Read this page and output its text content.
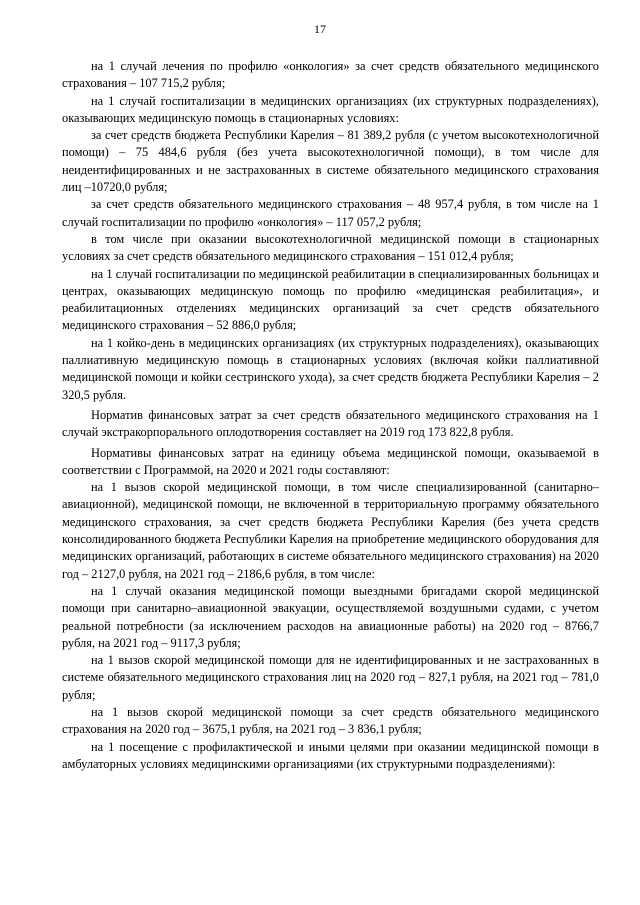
17

на 1 случай лечения по профилю «онкология» за счет средств обязательного медицинского страхования – 107 715,2 рубля;

на 1 случай госпитализации в медицинских организациях (их структурных подразделениях), оказывающих медицинскую помощь в стационарных условиях:

за счет средств бюджета Республики Карелия – 81 389,2 рубля (с учетом высокотехнологичной помощи) – 75 484,6 рубля (без учета высокотехнологичной помощи), в том числе для неидентифицированных и не застрахованных в системе обязательного медицинского страхования лиц –10720,0 рубля;

за счет средств обязательного медицинского страхования – 48 957,4 рубля, в том числе на 1 случай госпитализации по профилю «онкология» – 117 057,2 рубля;

в том числе при оказании высокотехнологичной медицинской помощи в стационарных условиях за счет средств обязательного медицинского страхования – 151 012,4 рубля;

на 1 случай госпитализации по медицинской реабилитации в специализированных больницах и центрах, оказывающих медицинскую помощь по профилю «медицинская реабилитация», и реабилитационных отделениях медицинских организаций за счет средств обязательного медицинского страхования – 52 886,0 рубля;

на 1 койко-день в медицинских организациях (их структурных подразделениях), оказывающих паллиативную медицинскую помощь в стационарных условиях (включая койки паллиативной медицинской помощи и койки сестринского ухода), за счет средств бюджета Республики Карелия – 2 320,5 рубля.

Норматив финансовых затрат за счет средств обязательного медицинского страхования на 1 случай экстракорпорального оплодотворения составляет на 2019 год 173 822,8 рубля.

Нормативы финансовых затрат на единицу объема медицинской помощи, оказываемой в соответствии с Программой, на 2020 и 2021 годы составляют:

на 1 вызов скорой медицинской помощи, в том числе специализированной (санитарно–авиационной), медицинской помощи, не включенной в территориальную программу обязательного медицинского страхования, за счет средств бюджета Республики Карелия (без учета средств консолидированного бюджета Республики Карелия на приобретение медицинского оборудования для медицинских организаций, работающих в системе обязательного медицинского страхования) на 2020 год – 2127,0 рубля, на 2021 год – 2186,6 рубля, в том числе:

на 1 случай оказания медицинской помощи выездными бригадами скорой медицинской помощи при санитарно–авиационной эвакуации, осуществляемой воздушными судами, с учетом реальной потребности (за исключением расходов на авиационные работы) на 2020 год – 8766,7 рубля, на 2021 год – 9117,3 рубля;

на 1 вызов скорой медицинской помощи для не идентифицированных и не застрахованных в системе обязательного медицинского страхования лиц на 2020 год – 827,1 рубля, на 2021 год – 781,0 рубля;

на 1 вызов скорой медицинской помощи за счет средств обязательного медицинского страхования на 2020 год – 3675,1 рубля, на 2021 год – 3 836,1 рубля;

на 1 посещение с профилактической и иными целями при оказании медицинской помощи в амбулаторных условиях медицинскими организациями (их структурными подразделениями):
